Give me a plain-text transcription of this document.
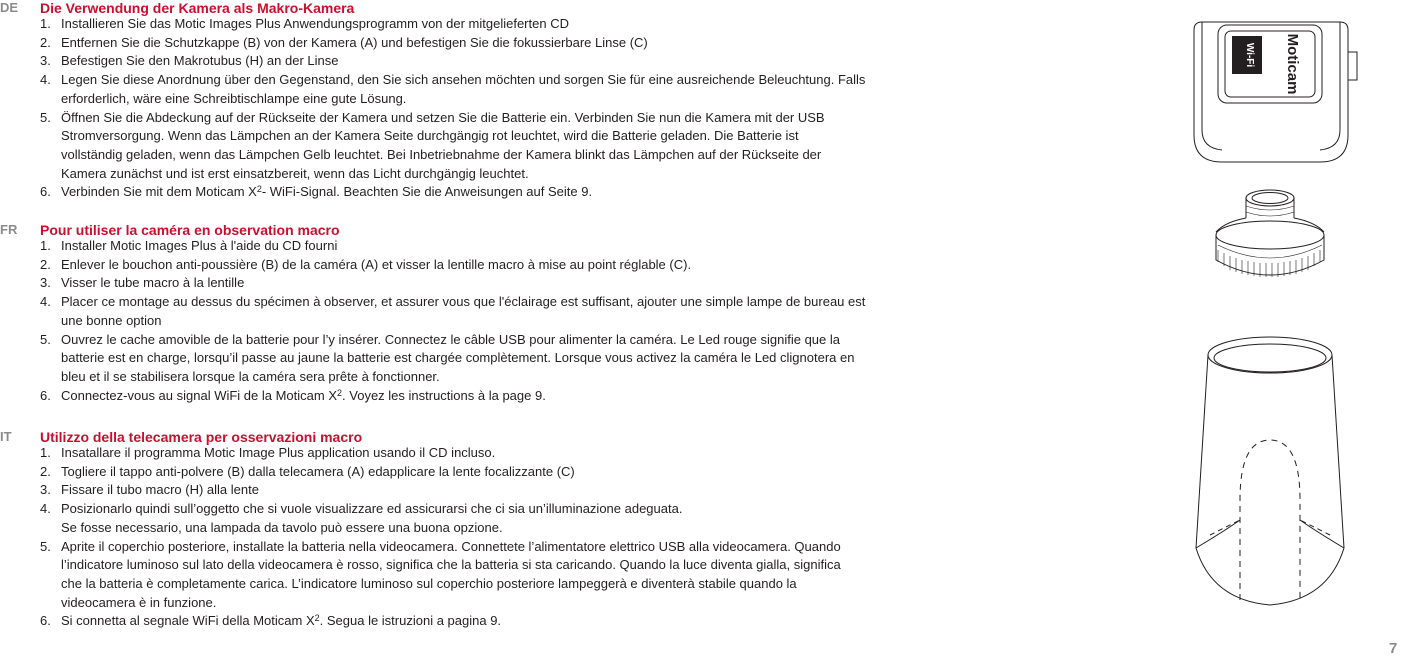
DE Die Verwendung der Kamera als Makro-Kamera
1. Installieren Sie das Motic Images Plus Anwendungsprogramm von der mitgelieferten CD
2. Entfernen Sie die Schutzkappe (B) von der Kamera (A) und befestigen Sie die fokussierbare Linse (C)
3. Befestigen Sie den Makrotubus (H) an der Linse
4. Legen Sie diese Anordnung über den Gegenstand, den Sie sich ansehen möchten und sorgen Sie für eine ausreichende Beleuchtung. Falls
erforderlich, wäre eine Schreibtischlampe eine gute Lösung.
5. Öffnen Sie die Abdeckung auf der Rückseite der Kamera und setzen Sie die Batterie ein. Verbinden Sie nun die Kamera mit der USB
Stromversorgung. Wenn das Lämpchen an der Kamera Seite durchgängig rot leuchtet, wird die Batterie geladen. Die Batterie ist
vollständig geladen, wenn das Lämpchen Gelb leuchtet. Bei Inbetriebnahme der Kamera blinkt das Lämpchen auf der Rückseite der
Kamera zunächst und ist erst einsatzbereit, wenn das Licht durchgängig leuchtet.
6. Verbinden Sie mit dem Moticam $X^2-$ WiFi-Signal. Beachten Sie die Anweisungen auf Seite 9.
FR Pour utiliser la caméra en observation macro
1. Installer Motic Images Plus à l'aide du CD fourni
2. Enlever le bouchon anti-poussière (B) de la caméra (A) et visser la lentille macro à mise au point réglable (C).
3. Visser le tube macro à la lentille
4. Placer ce montage au dessus du spécimen à observer, et assurer vous que l'éclairage est suffisant, ajouter une simple lampe de bureau est
une bonne option
5. Ouvrez le cache amovible de la batterie pour l’y insérer. Connectez le câble USB pour alimenter la caméra. Le Led rouge signifie que la
batterie est en charge, lorsqu’il passe au jaune la batterie est chargée complètement. Lorsque vous activez la caméra le Led clignotera en
bleu et il se stabilisera lorsque la caméra sera prête à fonctionner.
6. Connectez-vous au signal WiFi de la Moticam $X^2$. Voyez les instructions à la page 9.
IT Utilizzo della telecamera per osservazioni macro
1. Insatallare il programma Motic Image Plus application usando il CD incluso.
2. Togliere il tappo anti-polvere (B) dalla telecamera (A) edapplicare la lente focalizzante (C)
3. Fissare il tubo macro (H) alla lente
4. Posizionarlo quindi sull’oggetto che si vuole visualizzare ed assicurarsi che ci sia un’illuminazione adeguata.
Se fosse necessario, una lampada da tavolo può essere una buona opzione.
5. Aprite il coperchio posteriore, installate la batteria nella videocamera. Connettete l’alimentatore elettrico USB alla videocamera. Quando
l’indicatore luminoso sul lato della videocamera è rosso, significa che la batteria si sta caricando. Quando la luce diventa gialla, significa
che la batteria è completamente carica. L’indicatore luminoso sul coperchio posteriore lampeggerà e diventerà stabile quando la
videocamera è in funzione.
6. Si connetta al segnale WiFi della Moticam $X^2$. Segua le istruzioni a pagina 9.
Wi-Fi Moticam
7
